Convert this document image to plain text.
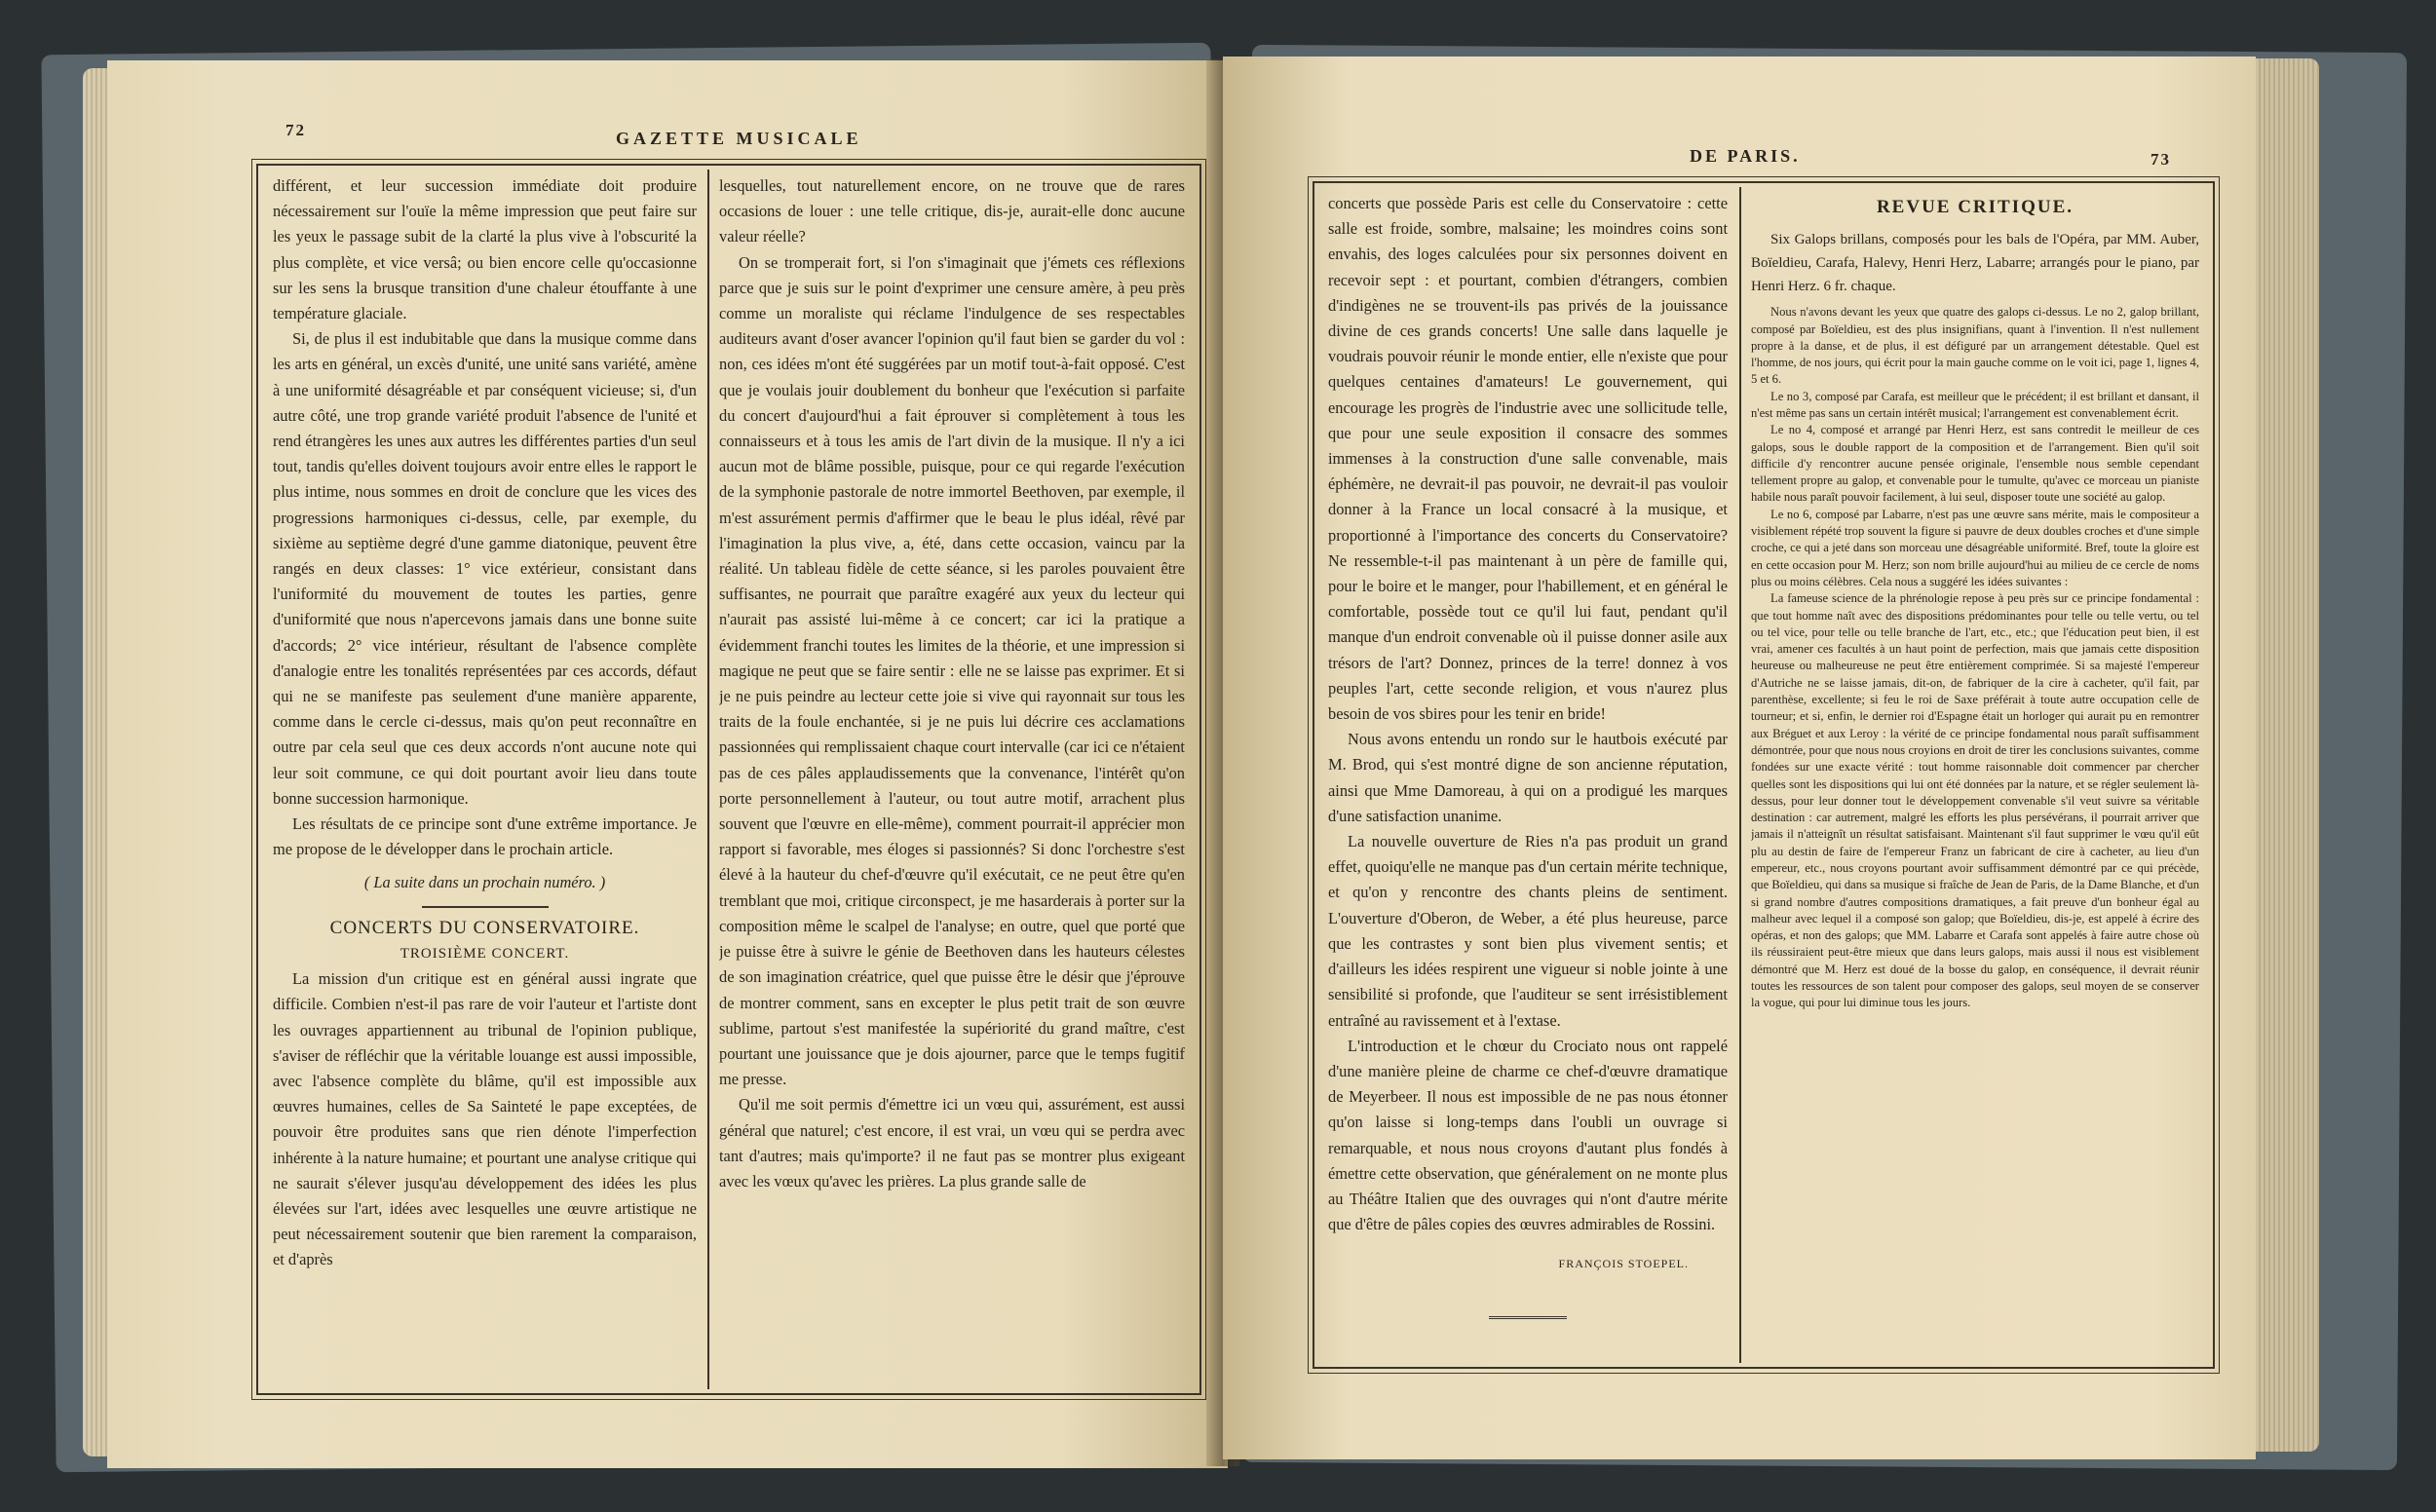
72	GAZETTE MUSICALE

différent, et leur succession immédiate doit produire nécessairement sur l'ouïe la même impression que peut faire sur les yeux le passage subit de la clarté la plus vive à l'obscurité la plus complète, et vice versâ; ou bien encore celle qu'occasionne sur les sens la brusque transition d'une chaleur étouffante à une température glaciale.

Si, de plus il est indubitable que dans la musique comme dans les arts en général, un excès d'unité, une unité sans variété, amène à une uniformité désagréable et par conséquent vicieuse; si, d'un autre côté, une trop grande variété produit l'absence de l'unité et rend étrangères les unes aux autres les différentes parties d'un seul tout, tandis qu'elles doivent toujours avoir entre elles le rapport le plus intime, nous sommes en droit de conclure que les vices des progressions harmoniques ci-dessus, celle, par exemple, du sixième au septième degré d'une gamme diatonique, peuvent être rangés en deux classes: 1° vice extérieur, consistant dans l'uniformité du mouvement de toutes les parties, genre d'uniformité que nous n'apercevons jamais dans une bonne suite d'accords; 2° vice intérieur, résultant de l'absence complète d'analogie entre les tonalités représentées par ces accords, défaut qui ne se manifeste pas seulement d'une manière apparente, comme dans le cercle ci-dessus, mais qu'on peut reconnaître en outre par cela seul que ces deux accords n'ont aucune note qui leur soit commune, ce qui doit pourtant avoir lieu dans toute bonne succession harmonique.

Les résultats de ce principe sont d'une extrême importance. Je me propose de le développer dans le prochain article.

( La suite dans un prochain numéro. )

CONCERTS DU CONSERVATOIRE.
TROISIÈME CONCERT.

La mission d'un critique est en général aussi ingrate que difficile. Combien n'est-il pas rare de voir l'auteur et l'artiste dont les ouvrages appartiennent au tribunal de l'opinion publique, s'aviser de réfléchir que la véritable louange est aussi impossible, avec l'absence complète du blâme, qu'il est impossible aux œuvres humaines, celles de Sa Sainteté le pape exceptées, de pouvoir être produites sans que rien dénote l'imperfection inhérente à la nature humaine; et pourtant une analyse critique qui ne saurait s'élever jusqu'au développement des idées les plus élevées sur l'art, idées avec lesquelles une œuvre artistique ne peut nécessairement soutenir que bien rarement la comparaison, et d'après

lesquelles, tout naturellement encore, on ne trouve que de rares occasions de louer : une telle critique, dis-je, aurait-elle donc aucune valeur réelle?

On se tromperait fort, si l'on s'imaginait que j'émets ces réflexions parce que je suis sur le point d'exprimer une censure amère, à peu près comme un moraliste qui réclame l'indulgence de ses respectables auditeurs avant d'oser avancer l'opinion qu'il faut bien se garder du vol : non, ces idées m'ont été suggérées par un motif tout-à-fait opposé. C'est que je voulais jouir doublement du bonheur que l'exécution si parfaite du concert d'aujourd'hui a fait éprouver si complètement à tous les connaisseurs et à tous les amis de l'art divin de la musique. Il n'y a ici aucun mot de blâme possible, puisque, pour ce qui regarde l'exécution de la symphonie pastorale de notre immortel Beethoven, par exemple, il m'est assurément permis d'affirmer que le beau le plus idéal, rêvé par l'imagination la plus vive, a, été, dans cette occasion, vaincu par la réalité. Un tableau fidèle de cette séance, si les paroles pouvaient être suffisantes, ne pourrait que paraître exagéré aux yeux du lecteur qui n'aurait pas assisté lui-même à ce concert; car ici la pratique a évidemment franchi toutes les limites de la théorie, et une impression si magique ne peut que se faire sentir : elle ne se laisse pas exprimer. Et si je ne puis peindre au lecteur cette joie si vive qui rayonnait sur tous les traits de la foule enchantée, si je ne puis lui décrire ces acclamations passionnées qui remplissaient chaque court intervalle (car ici ce n'étaient pas de ces pâles applaudissements que la convenance, l'intérêt qu'on porte personnellement à l'auteur, ou tout autre motif, arrachent plus souvent que l'œuvre en elle-même), comment pourrait-il apprécier mon rapport si favorable, mes éloges si passionnés? Si donc l'orchestre s'est élevé à la hauteur du chef-d'œuvre qu'il exécutait, ce ne peut être qu'en tremblant que moi, critique circonspect, je me hasarderais à porter sur la composition même le scalpel de l'analyse; en outre, quel que porté que je puisse être à suivre le génie de Beethoven dans les hauteurs célestes de son imagination créatrice, quel que puisse être le désir que j'éprouve de montrer comment, sans en excepter le plus petit trait de son œuvre sublime, partout s'est manifestée la supériorité du grand maître, c'est pourtant une jouissance que je dois ajourner, parce que le temps fugitif me presse.

Qu'il me soit permis d'émettre ici un vœu qui, assurément, est aussi général que naturel; c'est encore, il est vrai, un vœu qui se perdra avec tant d'autres; mais qu'importe? il ne faut pas se montrer plus exigeant avec les vœux qu'avec les prières. La plus grande salle de

DE PARIS.	73

concerts que possède Paris est celle du Conservatoire : cette salle est froide, sombre, malsaine; les moindres coins sont envahis, des loges calculées pour six personnes doivent en recevoir sept : et pourtant, combien d'étrangers, combien d'indigènes ne se trouvent-ils pas privés de la jouissance divine de ces grands concerts! Une salle dans laquelle je voudrais pouvoir réunir le monde entier, elle n'existe que pour quelques centaines d'amateurs! Le gouvernement, qui encourage les progrès de l'industrie avec une sollicitude telle, que pour une seule exposition il consacre des sommes immenses à la construction d'une salle convenable, mais éphémère, ne devrait-il pas pouvoir, ne devrait-il pas vouloir donner à la France un local consacré à la musique, et proportionné à l'importance des concerts du Conservatoire? Ne ressemble-t-il pas maintenant à un père de famille qui, pour le boire et le manger, pour l'habillement, et en général le comfortable, possède tout ce qu'il lui faut, pendant qu'il manque d'un endroit convenable où il puisse donner asile aux trésors de l'art? Donnez, princes de la terre! donnez à vos peuples l'art, cette seconde religion, et vous n'aurez plus besoin de vos sbires pour les tenir en bride!

Nous avons entendu un rondo sur le hautbois exécuté par M. Brod, qui s'est montré digne de son ancienne réputation, ainsi que Mme Damoreau, à qui on a prodigué les marques d'une satisfaction unanime.

La nouvelle ouverture de Ries n'a pas produit un grand effet, quoiqu'elle ne manque pas d'un certain mérite technique, et qu'on y rencontre des chants pleins de sentiment. L'ouverture d'Oberon, de Weber, a été plus heureuse, parce que les contrastes y sont bien plus vivement sentis; et d'ailleurs les idées respirent une vigueur si noble jointe à une sensibilité si profonde, que l'auditeur se sent irrésistiblement entraîné au ravissement et à l'extase.

L'introduction et le chœur du Crociato nous ont rappelé d'une manière pleine de charme ce chef-d'œuvre dramatique de Meyerbeer. Il nous est impossible de ne pas nous étonner qu'on laisse si long-temps dans l'oubli un ouvrage si remarquable, et nous nous croyons d'autant plus fondés à émettre cette observation, que généralement on ne monte plus au Théâtre Italien que des ouvrages qui n'ont d'autre mérite que d'être de pâles copies des œuvres admirables de Rossini.

FRANÇOIS STOEPEL.
REVUE CRITIQUE.

Six Galops brillans, composés pour les bals de l'Opéra, par MM. Auber, Boïeldieu, Carafa, Halevy, Henri Herz, Labarre; arrangés pour le piano, par Henri Herz. 6 fr. chaque.

Nous n'avons devant les yeux que quatre des galops ci-dessus. Le no 2, galop brillant, composé par Boïeldieu, est des plus insignifians, quant à l'invention. Il n'est nullement propre à la danse, et de plus, il est défiguré par un arrangement détestable. Quel est l'homme, de nos jours, qui écrit pour la main gauche comme on le voit ici, page 1, lignes 4, 5 et 6.

Le no 3, composé par Carafa, est meilleur que le précédent; il est brillant et dansant, il n'est même pas sans un certain intérêt musical; l'arrangement est convenablement écrit.

Le no 4, composé et arrangé par Henri Herz, est sans contredit le meilleur de ces galops, sous le double rapport de la composition et de l'arrangement. Bien qu'il soit difficile d'y rencontrer aucune pensée originale, l'ensemble nous semble cependant tellement propre au galop, et convenable pour le tumulte, qu'avec ce morceau un pianiste habile nous paraît pouvoir facilement, à lui seul, disposer toute une société au galop.

Le no 6, composé par Labarre, n'est pas une œuvre sans mérite, mais le compositeur a visiblement répété trop souvent la figure si pauvre de deux doubles croches et d'une simple croche, ce qui a jeté dans son morceau une désagréable uniformité. Bref, toute la gloire est en cette occasion pour M. Herz; son nom brille aujourd'hui au milieu de ce cercle de noms plus ou moins célèbres. Cela nous a suggéré les idées suivantes :

La fameuse science de la phrénologie repose à peu près sur ce principe fondamental : que tout homme naît avec des dispositions prédominantes pour telle ou telle vertu, ou tel ou tel vice, pour telle ou telle branche de l'art, etc., etc.; que l'éducation peut bien, il est vrai, amener ces facultés à un haut point de perfection, mais que jamais cette disposition heureuse ou malheureuse ne peut être entièrement comprimée. Si sa majesté l'empereur d'Autriche ne se laisse jamais, dit-on, de fabriquer de la cire à cacheter, qu'il fait, par parenthèse, excellente; si feu le roi de Saxe préférait à toute autre occupation celle de tourneur; et si, enfin, le dernier roi d'Espagne était un horloger qui aurait pu en remontrer aux Bréguet et aux Leroy : la vérité de ce principe fondamental nous paraît suffisamment démontrée, pour que nous nous croyions en droit de tirer les conclusions suivantes, comme fondées sur une exacte vérité : tout homme raisonnable doit commencer par chercher quelles sont les dispositions qui lui ont été données par la nature, et se régler seulement là-dessus, pour leur donner tout le développement convenable s'il veut suivre sa véritable destination : car autrement, malgré les efforts les plus persévérans, il pourrait arriver que jamais il n'atteignît un résultat satisfaisant. Maintenant s'il faut supprimer le vœu qu'il eût plu au destin de faire de l'empereur Franz un fabricant de cire à cacheter, au lieu d'un empereur, etc., nous croyons pourtant avoir suffisamment démontré par ce qui précède, que Boïeldieu, qui dans sa musique si fraîche de Jean de Paris, de la Dame Blanche, et d'un si grand nombre d'autres compositions dramatiques, a fait preuve d'un bonheur égal au malheur avec lequel il a composé son galop; que Boïeldieu, dis-je, est appelé à écrire des opéras, et non des galops; que MM. Labarre et Carafa sont appelés à faire autre chose où ils réussiraient peut-être mieux que dans leurs galops, mais aussi il nous est visiblement démontré que M. Herz est doué de la bosse du galop, en conséquence, il devrait réunir toutes les ressources de son talent pour composer des galops, seul moyen de se conserver la vogue, qui pour lui diminue tous les jours.
